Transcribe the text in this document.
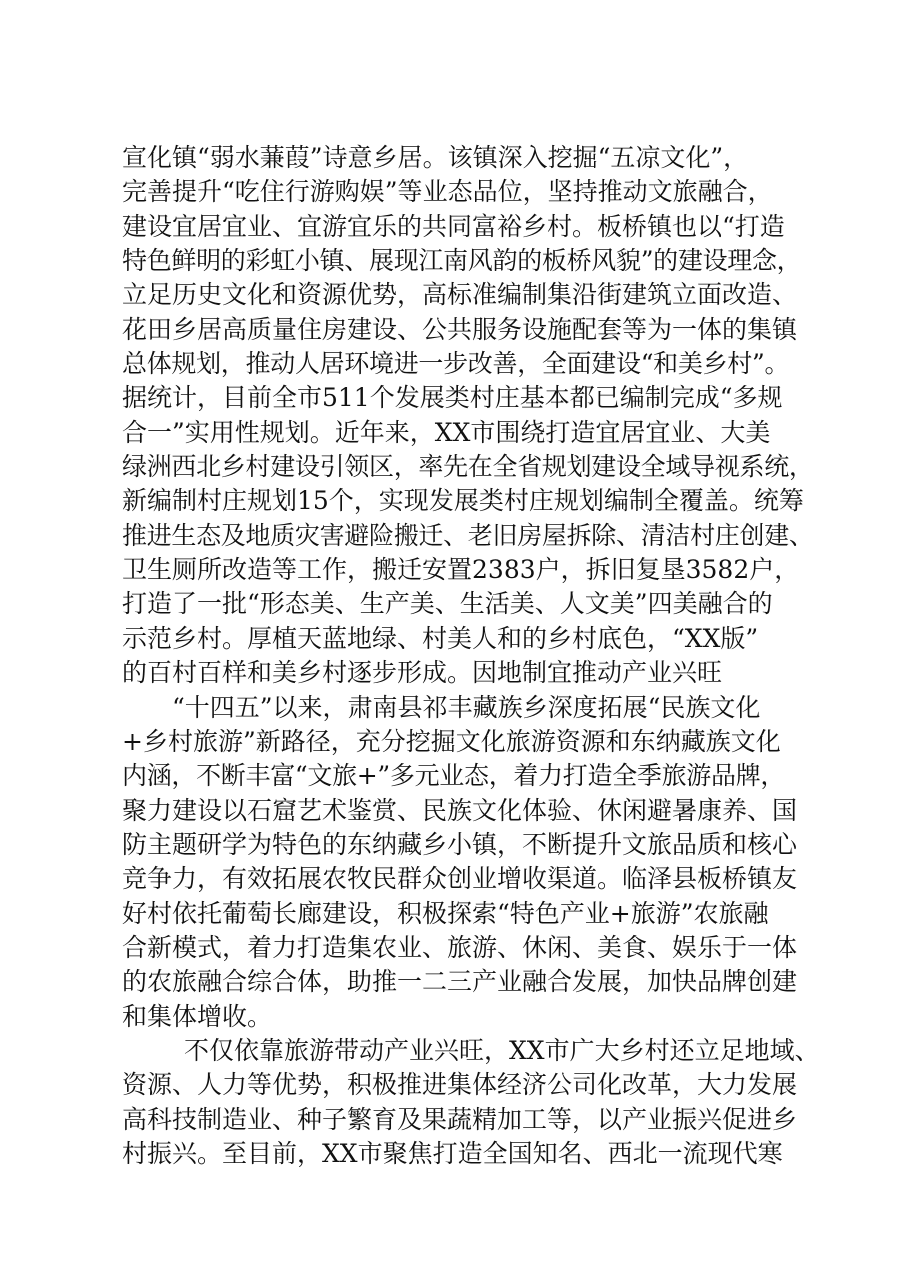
宣化镇“弱水蒹葭”诗意乡居。该镇深入挖掘“五凉文化”，
完善提升“吃住行游购娱”等业态品位，坚持推动文旅融合，
建设宜居宜业、宜游宜乐的共同富裕乡村。板桥镇也以“打造
特色鲜明的彩虹小镇、展现江南风韵的板桥风貌”的建设理念，
立足历史文化和资源优势，高标准编制集沿街建筑立面改造、
花田乡居高质量住房建设、公共服务设施配套等为一体的集镇
总体规划，推动人居环境进一步改善，全面建设“和美乡村”。
据统计，目前全市511个发展类村庄基本都已编制完成“多规
合一”实用性规划。近年来，XX市围绕打造宜居宜业、大美
绿洲西北乡村建设引领区，率先在全省规划建设全域导视系统，
新编制村庄规划15个，实现发展类村庄规划编制全覆盖。统筹
推进生态及地质灾害避险搬迁、老旧房屋拆除、清洁村庄创建、
卫生厕所改造等工作，搬迁安置2383户，拆旧复垦3582户，
打造了一批“形态美、生产美、生活美、人文美”四美融合的
示范乡村。厚植天蓝地绿、村美人和的乡村底色，“XX版”
的百村百样和美乡村逐步形成。因地制宜推动产业兴旺
“十四五”以来，肃南县祁丰藏族乡深度拓展“民族文化
+乡村旅游”新路径，充分挖掘文化旅游资源和东纳藏族文化
内涵，不断丰富“文旅+”多元业态，着力打造全季旅游品牌，
聚力建设以石窟艺术鉴赏、民族文化体验、休闲避暑康养、国
防主题研学为特色的东纳藏乡小镇，不断提升文旅品质和核心
竞争力，有效拓展农牧民群众创业增收渠道。临泽县板桥镇友
好村依托葡萄长廊建设，积极探索“特色产业+旅游”农旅融
合新模式，着力打造集农业、旅游、休闲、美食、娱乐于一体
的农旅融合综合体，助推一二三产业融合发展，加快品牌创建
和集体增收。
不仅依靠旅游带动产业兴旺，XX市广大乡村还立足地域、
资源、人力等优势，积极推进集体经济公司化改革，大力发展
高科技制造业、种子繁育及果蔬精加工等，以产业振兴促进乡
村振兴。至目前，XX市聚焦打造全国知名、西北一流现代寒
